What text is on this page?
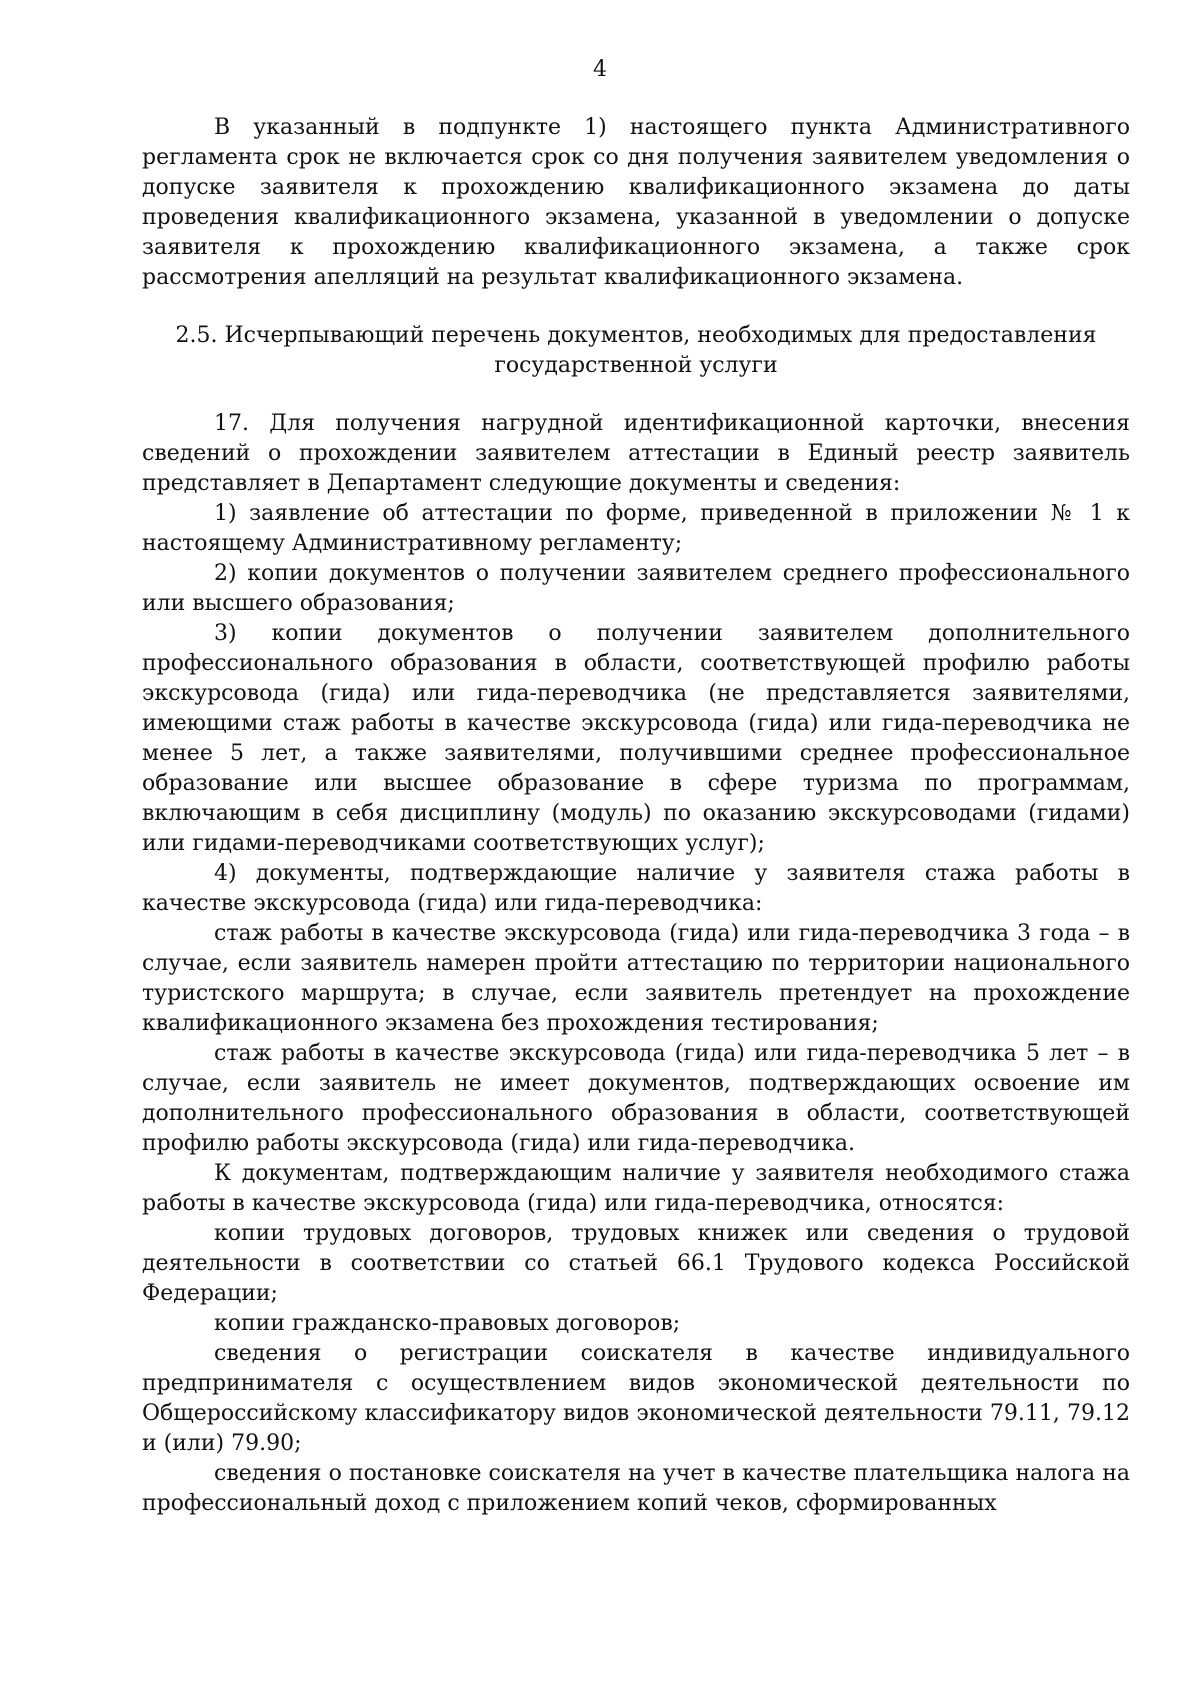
4

В указанный в подпункте 1) настоящего пункта Административного регламента срок не включается срок со дня получения заявителем уведомления о допуске заявителя к прохождению квалификационного экзамена до даты проведения квалификационного экзамена, указанной в уведомлении о допуске заявителя к прохождению квалификационного экзамена, а также срок рассмотрения апелляций на результат квалификационного экзамена.

2.5. Исчерпывающий перечень документов, необходимых для предоставления государственной услуги

17. Для получения нагрудной идентификационной карточки, внесения сведений о прохождении заявителем аттестации в Единый реестр заявитель представляет в Департамент следующие документы и сведения:

1) заявление об аттестации по форме, приведенной в приложении № 1 к настоящему Административному регламенту;

2) копии документов о получении заявителем среднего профессионального или высшего образования;

3) копии документов о получении заявителем дополнительного профессионального образования в области, соответствующей профилю работы экскурсовода (гида) или гида-переводчика (не представляется заявителями, имеющими стаж работы в качестве экскурсовода (гида) или гида-переводчика не менее 5 лет, а также заявителями, получившими среднее профессиональное образование или высшее образование в сфере туризма по программам, включающим в себя дисциплину (модуль) по оказанию экскурсоводами (гидами) или гидами-переводчиками соответствующих услуг);

4) документы, подтверждающие наличие у заявителя стажа работы в качестве экскурсовода (гида) или гида-переводчика:

стаж работы в качестве экскурсовода (гида) или гида-переводчика 3 года – в случае, если заявитель намерен пройти аттестацию по территории национального туристского маршрута; в случае, если заявитель претендует на прохождение квалификационного экзамена без прохождения тестирования;

стаж работы в качестве экскурсовода (гида) или гида-переводчика 5 лет – в случае, если заявитель не имеет документов, подтверждающих освоение им дополнительного профессионального образования в области, соответствующей профилю работы экскурсовода (гида) или гида-переводчика.

К документам, подтверждающим наличие у заявителя необходимого стажа работы в качестве экскурсовода (гида) или гида-переводчика, относятся:

копии трудовых договоров, трудовых книжек или сведения о трудовой деятельности в соответствии со статьей 66.1 Трудового кодекса Российской Федерации;

копии гражданско-правовых договоров;

сведения о регистрации соискателя в качестве индивидуального предпринимателя с осуществлением видов экономической деятельности по Общероссийскому классификатору видов экономической деятельности 79.11, 79.12 и (или) 79.90;

сведения о постановке соискателя на учет в качестве плательщика налога на профессиональный доход с приложением копий чеков, сформированных
